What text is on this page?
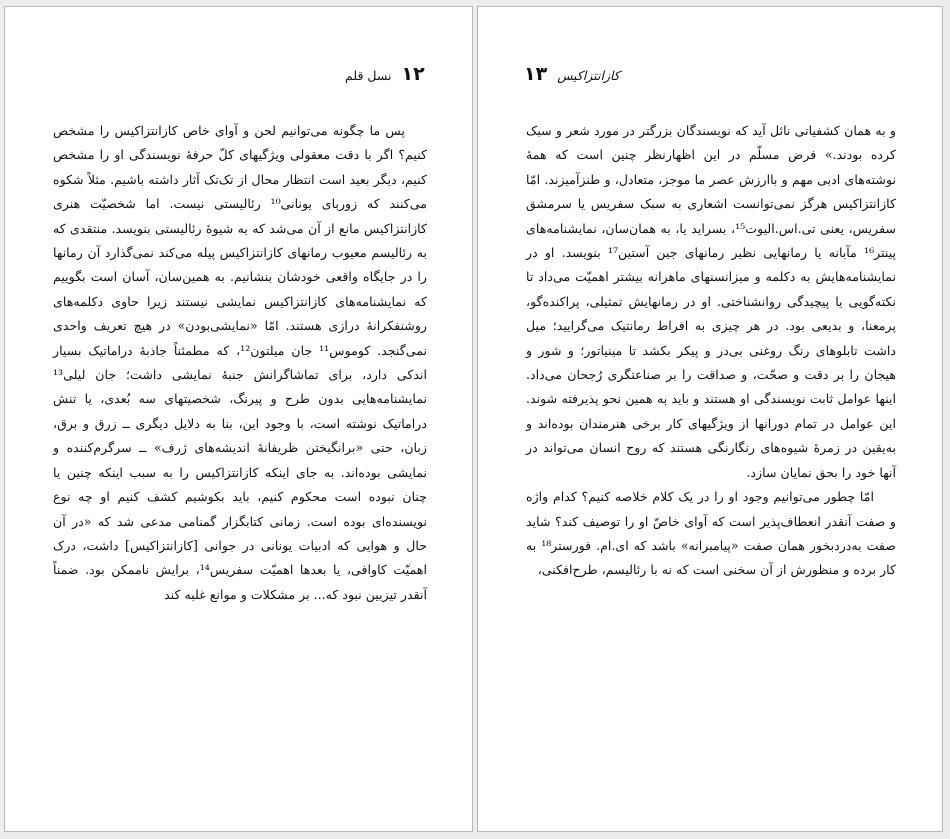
١٢
نسل قلم

پس ما چگونه می‌توانیم لحن و آوای خاص کازانتزاکیس را مشخص کنیم؟ اگر با دقت معقولی ویژگیهای کلّ حرفهٔ نویسندگی او را مشخص کنیم، دیگر بعید است انتظار محال از تک‌تک آثار داشته باشیم. مثلاً شکوه می‌کنند که زوربای یونانی¹⁰ رئالیستی نیست. اما شخصیّت هنری کازانتزاکیس مانع از آن می‌شد که به شیوهٔ رئالیستی بنویسد. منتقدی که به رئالیسم معیوب رمانهای کازانتزاکیس پیله می‌کند نمی‌گذارد آن رمانها را در جایگاه واقعی خودشان بنشانیم. به همین‌سان، آسان است بگوییم که نمایشنامه‌های کازانتزاکیس نمایشی نیستند زیرا حاوی دکلمه‌های روشنفکرانهٔ درازی هستند. امّا «نمایشی‌بودن» در هیچ تعریف واحدی نمی‌گنجد. کوموس¹¹ جان میلتون¹²، که مطمئناً جاذبهٔ دراماتیک بسیار اندکی دارد، برای تماشاگرانش جنبهٔ نمایشی داشت؛ جان لیلی¹³ نمایشنامه‌هایی بدون طرح و پیرنگ، شخصیتهای سه بُعدی، یا تنش دراماتیک نوشته است، با وجود این، بنا به دلایل دیگری ــ زرق و برق، زبان، حتی «برانگیختن ظریفانهٔ اندیشه‌های ژرف» ــ سرگرم‌کننده و نمایشی بوده‌اند. به جای اینکه کازانتزاکیس را به سبب اینکه چنین یا چنان نبوده است محکوم کنیم، باید بکوشیم کشف کنیم او چه نوع نویسنده‌ای بوده است. زمانی کتابگزار گمنامی مدعی شد که «در آن حال و هوایی که ادبیات یونانی در جوانی [کازانتزاکیس] داشت، درک اهمیّت کاوافی، یا بعدها اهمیّت سفریس¹⁴، برایش ناممکن بود. ضمناً آنقدر تیزبین نبود که... بر مشکلات و موانع غلبه کند

کازانتزاکیس
١٣

و به همان کشفیاتی نائل آید که نویسندگان بزرگتر در مورد شعر و سبک کرده بودند.» فرض مسلّم در این اظهارنظر چنین است که همهٔ نوشته‌های ادبی مهم و باارزش عصر ما موجز، متعادل، و طنزآمیزند. امّا کازانتزاکیس هرگز نمی‌توانست اشعاری به سبک سفریس یا سرمشق سفریس، یعنی تی.اس.الیوت¹⁵، بسراید یا، به همان‌سان، نمایشنامه‌های پینتر¹⁶ مآبانه یا رمانهایی نظیر رمانهای جین آستین¹⁷ بنویسد. او در نمایشنامه‌هایش به دکلمه و میزانسنهای ماهرانه بیشتر اهمیّت می‌داد تا نکته‌گویی یا پیچیدگی روانشناختی. او در رمانهایش تمثیلی، پراکنده‌گو، پرمعنا، و بدیعی بود. در هر چیزی به افراط رمانتیک می‌گرایید؛ میل داشت تابلوهای رنگ روغنی بی‌در و پیکر بکشد تا مینیاتور؛ و شور و هیجان را بر دقت و صحّت، و صداقت را بر صناعتگری رُجحان می‌داد. اینها عوامل ثابت نویسندگی او هستند و باید به همین نحو پذیرفته شوند. این عوامل در تمام دورانها از ویژگیهای کار برخی هنرمندان بوده‌اند و به‌یقین در زمرهٔ شیوه‌های رنگارنگی هستند که روح انسان می‌تواند در آنها خود را بحق نمایان سازد.

امّا چطور می‌توانیم وجود او را در یک کلام خلاصه کنیم؟ کدام واژه و صفت آنقدر انعطاف‌پذیر است که آوای خاصّ او را توصیف کند؟ شاید صفت به‌دردبخور همان صفت «پیامبرانه» باشد که ای.ام. فورستر¹⁸ به کار برده و منظورش از آن سخنی است که نه با رئالیسم، طرح‌افکنی،
